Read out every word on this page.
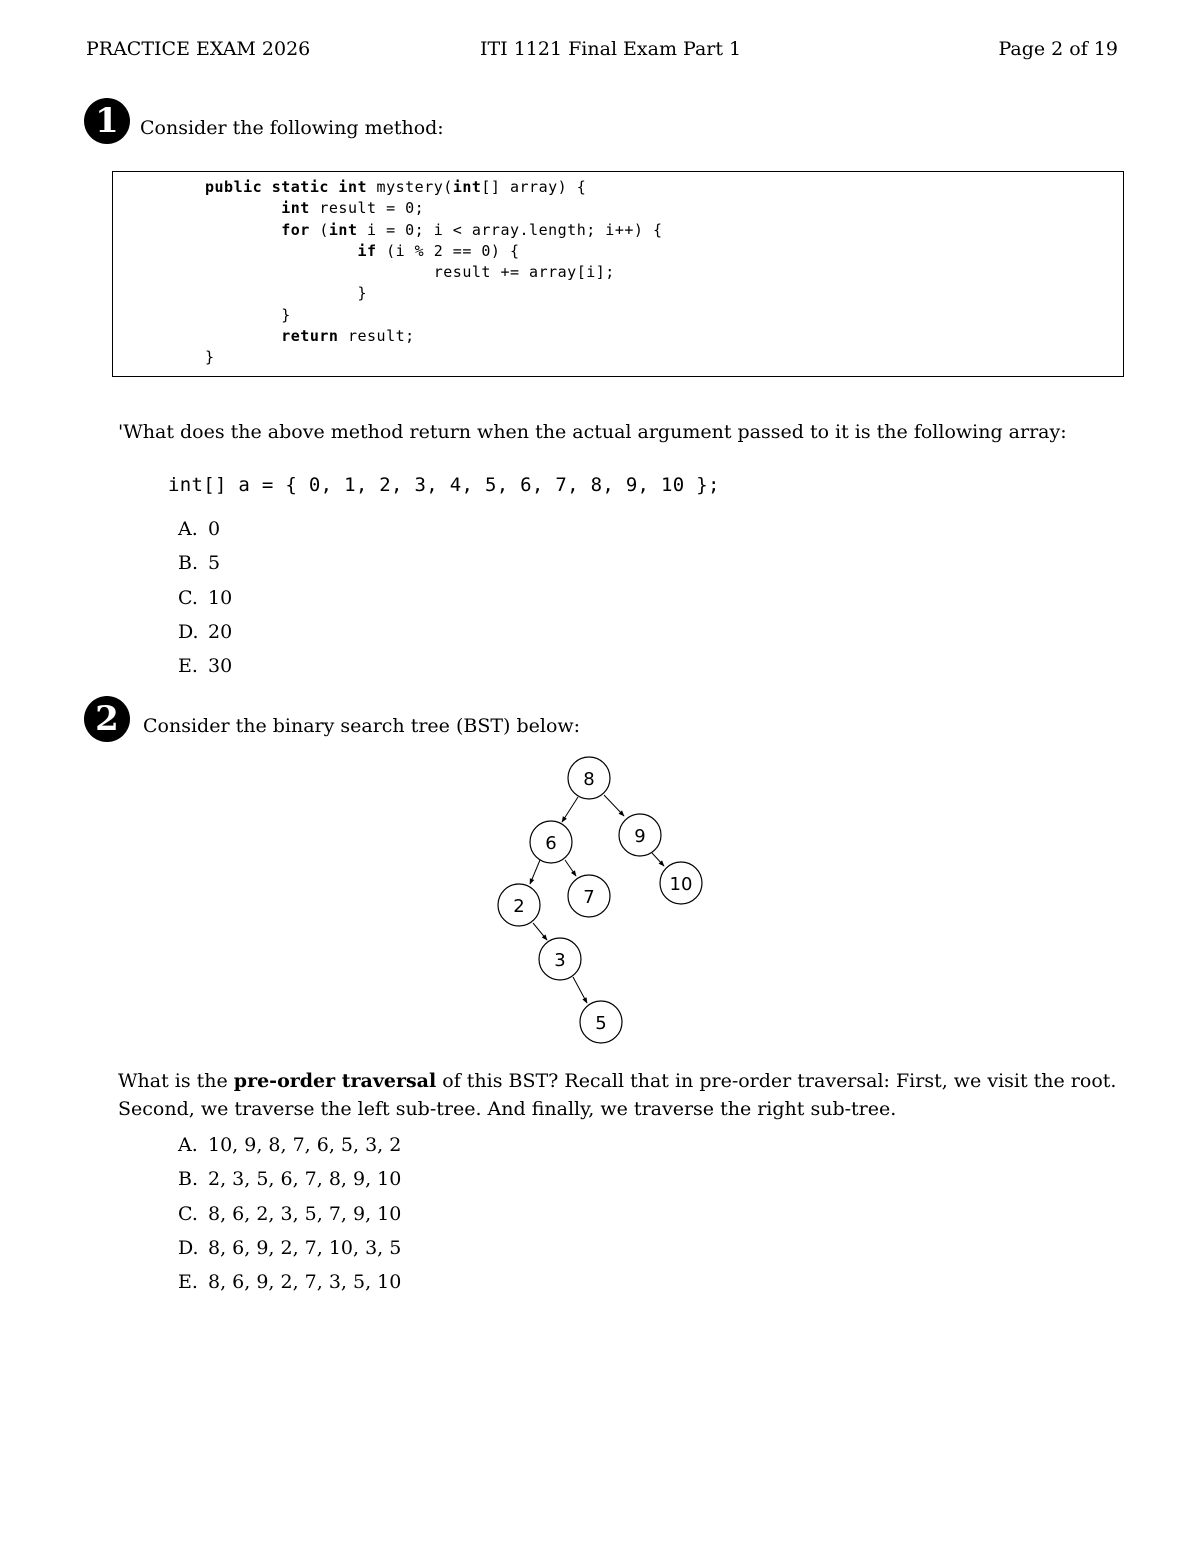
PRACTICE EXAM 2026	ITI 1121 Final Exam Part 1	Page 2 of 19
1	Consider the following method:
public static int mystery(int[] array) {
int result = 0;
for (int i = 0; i < array.length; i++) {
if (i % 2 == 0) {
result += array[i];
}
}
return result;
}
'What does the above method return when the actual argument passed to it is the following array:
int[] a = { 0, 1, 2, 3, 4, 5, 6, 7, 8, 9, 10 };
A. 0
B. 5
C. 10
D. 20
E. 30
2	Consider the binary search tree (BST) below:
8
6	9
2	7
10
3
5
What is the pre-order traversal of this BST? Recall that in pre-order traversal: First, we visit the root. Second, we traverse the left sub-tree. And finally, we traverse the right sub-tree.
A. 10, 9, 8, 7, 6, 5, 3, 2
B. 2, 3, 5, 6, 7, 8, 9, 10
C. 8, 6, 2, 3, 5, 7, 9, 10
D. 8, 6, 9, 2, 7, 10, 3, 5
E. 8, 6, 9, 2, 7, 3, 5, 10
